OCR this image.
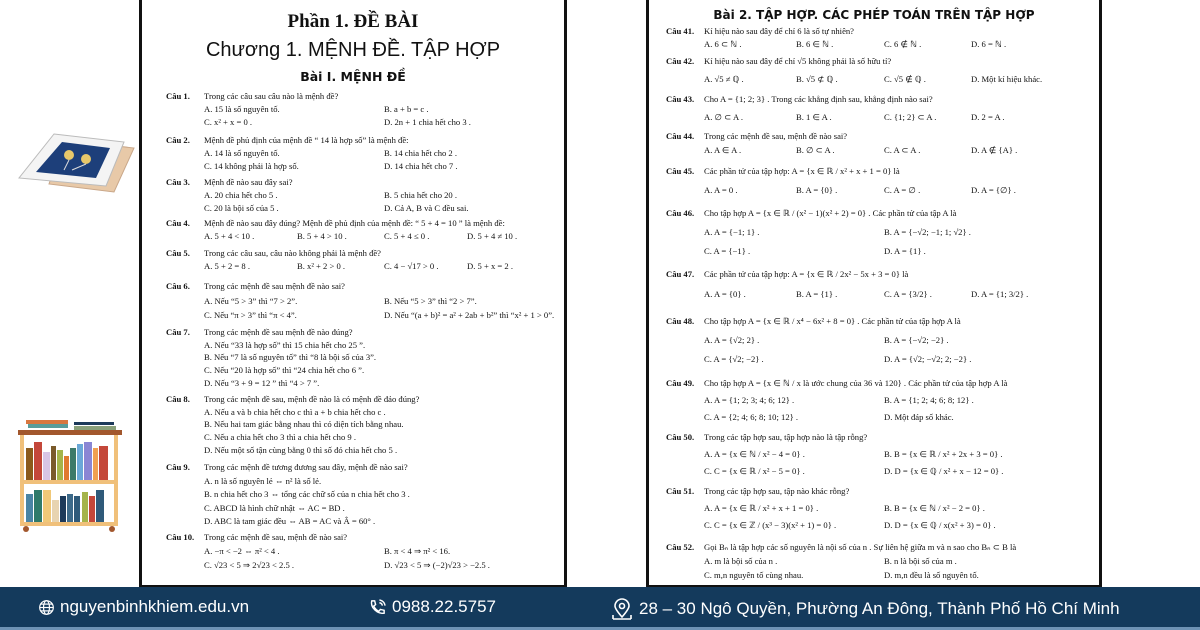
Phần 1. ĐỀ BÀI
Chương 1. MỆNH ĐỀ. TẬP HỢP
Bài I. MỆNH ĐỀ
Câu 1. Trong các câu sau câu nào là mệnh đề?
A. 15 là số nguyên tố.	B. a + b = c .
C. x² + x = 0 .	D. 2n + 1 chia hết cho 3 .
Câu 2. Mệnh đề phủ định của mệnh đề “ 14 là hợp số” là mệnh đề:
A. 14 là số nguyên tố.	B. 14 chia hết cho 2 .
C. 14 không phải là hợp số.	D. 14 chia hết cho 7 .
Câu 3. Mệnh đề nào sau đây sai?
A. 20 chia hết cho 5 .	B. 5 chia hết cho 20 .
C. 20 là bội số của 5 .	D. Cả A, B và C đều sai.
Câu 4. Mệnh đề nào sau đây đúng? Mệnh đề phủ định của mệnh đề: “ 5 + 4 = 10 ” là mệnh đề:
A. 5 + 4 < 10 .	B. 5 + 4 > 10 .	C. 5 + 4 ≤ 0 .	D. 5 + 4 ≠ 10 .
Câu 5. Trong các câu sau, câu nào không phải là mệnh đề?
A. 5 + 2 = 8 .	B. x² + 2 > 0 .	C. 4 − √17 > 0 .	D. 5 + x = 2 .
Câu 6. Trong các mệnh đề sau mệnh đề nào sai?
A. Nếu “5 > 3” thì “7 > 2”.	B. Nếu “5 > 3” thì “2 > 7”.
C. Nếu “π > 3” thì “π < 4”.	D. Nếu “(a + b)² = a² + 2ab + b²” thì “x² + 1 > 0”.
Câu 7. Trong các mệnh đề sau mệnh đề nào đúng?
A. Nếu “33 là hợp số” thì 15 chia hết cho 25 ”.
B. Nếu “7 là số nguyên tố” thì “8 là bội số của 3”.
C. Nếu “20 là hợp số” thì “24 chia hết cho 6 ”.
D. Nếu “3 + 9 = 12 ” thì “4 > 7 ”.
Câu 8. Trong các mệnh đề sau, mệnh đề nào là có mệnh đề đảo đúng?
A. Nếu a và b chia hết cho c thì a + b chia hết cho c .
B. Nếu hai tam giác bằng nhau thì có diện tích bằng nhau.
C. Nếu a chia hết cho 3 thì a chia hết cho 9 .
D. Nếu một số tận cùng bằng 0 thì số đó chia hết cho 5 .
Câu 9. Trong các mệnh đề tương đương sau đây, mệnh đề nào sai?
A. n là số nguyên lẻ ⇔ n² là số lẻ.
B. n chia hết cho 3 ⇔ tổng các chữ số của n chia hết cho 3 .
C. ABCD là hình chữ nhật ⇔ AC = BD .
D. ABC là tam giác đều ⇔ AB = AC và Â = 60° .
Câu 10. Trong các mệnh đề sau, mệnh đề nào sai?
A. −π < −2 ⇔ π² < 4 .	B. π < 4 ⇒ π² < 16.
C. √23 < 5 ⇒ 2√23 < 2.5 .	D. √23 < 5 ⇒ (−2)√23 > −2.5 .
Bài 2. TẬP HỢP. CÁC PHÉP TOÁN TRÊN TẬP HỢP
Câu 41. Kí hiệu nào sau đây để chỉ 6 là số tự nhiên?
A. 6 ⊂ ℕ .	B. 6 ∈ ℕ .	C. 6 ∉ ℕ .	D. 6 = ℕ .
Câu 42. Kí hiệu nào sau đây để chỉ √5 không phải là số hữu tỉ?
A. √5 ≠ ℚ .	B. √5 ⊄ ℚ .	C. √5 ∉ ℚ .	D. Một kí hiệu khác.
Câu 43. Cho A = {1; 2; 3} . Trong các khẳng định sau, khẳng định nào sai?
A. ∅ ⊂ A .	B. 1 ∈ A .	C. {1; 2} ⊂ A .	D. 2 = A .
Câu 44. Trong các mệnh đề sau, mệnh đề nào sai?
A. A ∈ A .	B. ∅ ⊂ A .	C. A ⊂ A .	D. A ∉ {A} .
Câu 45. Các phần tử của tập hợp: A = {x ∈ ℝ / x² + x + 1 = 0} là
A. A = 0 .	B. A = {0} .	C. A = ∅ .	D. A = {∅} .
Câu 46. Cho tập hợp A = {x ∈ ℝ / (x² − 1)(x² + 2) = 0} . Các phần tử của tập A là
A. A = {−1; 1} .	B. A = {−√2; −1; 1; √2} .
C. A = {−1} .	D. A = {1} .
Câu 47. Các phần tử của tập hợp: A = {x ∈ ℝ / 2x² − 5x + 3 = 0} là
A. A = {0} .	B. A = {1} .	C. A = {3/2} .	D. A = {1; 3/2} .
Câu 48. Cho tập hợp A = {x ∈ ℝ / x⁴ − 6x² + 8 = 0} . Các phần tử của tập hợp A là
A. A = {√2; 2} .	B. A = {−√2; −2} .
C. A = {√2; −2} .	D. A = {√2; −√2; 2; −2} .
Câu 49. Cho tập hợp A = {x ∈ ℕ / x là ước chung của 36 và 120} . Các phần tử của tập hợp A là
A. A = {1; 2; 3; 4; 6; 12} .	B. A = {1; 2; 4; 6; 8; 12} .
C. A = {2; 4; 6; 8; 10; 12} .	D. Một đáp số khác.
Câu 50. Trong các tập hợp sau, tập hợp nào là tập rỗng?
A. A = {x ∈ ℕ / x² − 4 = 0} .	B. B = {x ∈ ℝ / x² + 2x + 3 = 0} .
C. C = {x ∈ ℝ / x² − 5 = 0} .	D. D = {x ∈ ℚ / x² + x − 12 = 0} .
Câu 51. Trong các tập hợp sau, tập nào khác rỗng?
A. A = {x ∈ ℝ / x² + x + 1 = 0} .	B. B = {x ∈ ℕ / x² − 2 = 0} .
C. C = {x ∈ ℤ / (x³ − 3)(x² + 1) = 0} .	D. D = {x ∈ ℚ / x(x² + 3) = 0} .
Câu 52. Gọi Bₙ là tập hợp các số nguyên là nội số của n . Sự liên hệ giữa m và n sao cho Bₙ ⊂ B là
A. m là bội số của n .	B. n là bội số của m .
C. m,n nguyên tố cùng nhau.	D. m,n đều là số nguyên tố.
nguyenbinhkhiem.edu.vn	0988.22.5757	28 – 30 Ngô Quyền, Phường An Đông, Thành Phố Hồ Chí Minh
